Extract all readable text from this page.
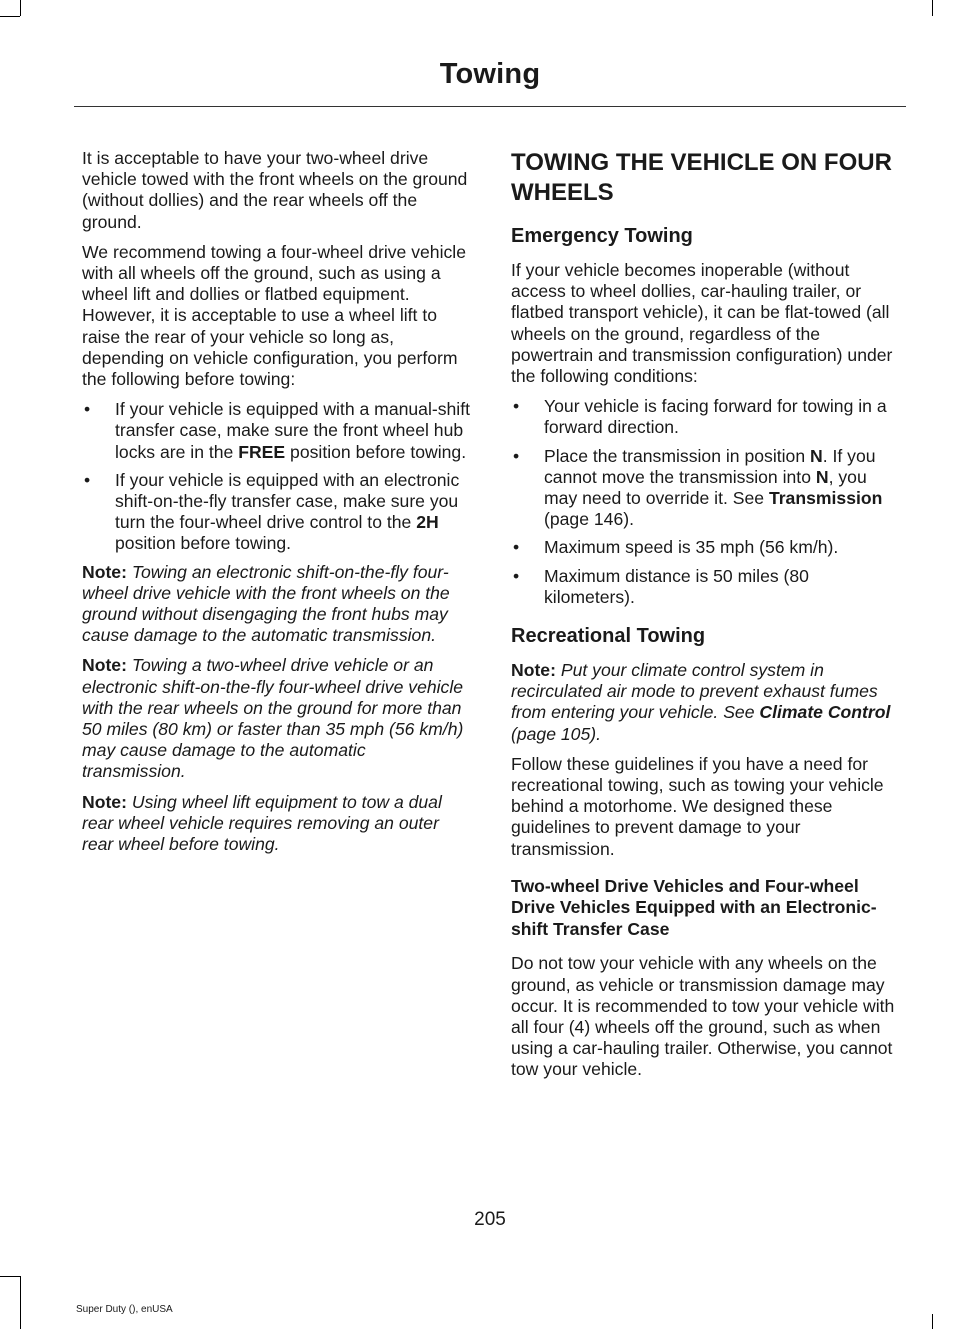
Towing

It is acceptable to have your two-wheel drive vehicle towed with the front wheels on the ground (without dollies) and the rear wheels off the ground.

We recommend towing a four-wheel drive vehicle with all wheels off the ground, such as using a wheel lift and dollies or flatbed equipment. However, it is acceptable to use a wheel lift to raise the rear of your vehicle so long as, depending on vehicle configuration, you perform the following before towing:

• If your vehicle is equipped with a manual-shift transfer case, make sure the front wheel hub locks are in the FREE position before towing.
• If your vehicle is equipped with an electronic shift-on-the-fly transfer case, make sure you turn the four-wheel drive control to the 2H position before towing.

Note: Towing an electronic shift-on-the-fly four-wheel drive vehicle with the front wheels on the ground without disengaging the front hubs may cause damage to the automatic transmission.

Note: Towing a two-wheel drive vehicle or an electronic shift-on-the-fly four-wheel drive vehicle with the rear wheels on the ground for more than 50 miles (80 km) or faster than 35 mph (56 km/h) may cause damage to the automatic transmission.

Note: Using wheel lift equipment to tow a dual rear wheel vehicle requires removing an outer rear wheel before towing.

TOWING THE VEHICLE ON FOUR WHEELS
Emergency Towing

If your vehicle becomes inoperable (without access to wheel dollies, car-hauling trailer, or flatbed transport vehicle), it can be flat-towed (all wheels on the ground, regardless of the powertrain and transmission configuration) under the following conditions:

• Your vehicle is facing forward for towing in a forward direction.
• Place the transmission in position N. If you cannot move the transmission into N, you may need to override it. See Transmission (page 146).
• Maximum speed is 35 mph (56 km/h).
• Maximum distance is 50 miles (80 kilometers).
Recreational Towing

Note: Put your climate control system in recirculated air mode to prevent exhaust fumes from entering your vehicle. See Climate Control (page 105).

Follow these guidelines if you have a need for recreational towing, such as towing your vehicle behind a motorhome. We designed these guidelines to prevent damage to your transmission.

Two-wheel Drive Vehicles and Four-wheel Drive Vehicles Equipped with an Electronic-shift Transfer Case

Do not tow your vehicle with any wheels on the ground, as vehicle or transmission damage may occur. It is recommended to tow your vehicle with all four (4) wheels off the ground, such as when using a car-hauling trailer. Otherwise, you cannot tow your vehicle.

205
Super Duty (), enUSA
